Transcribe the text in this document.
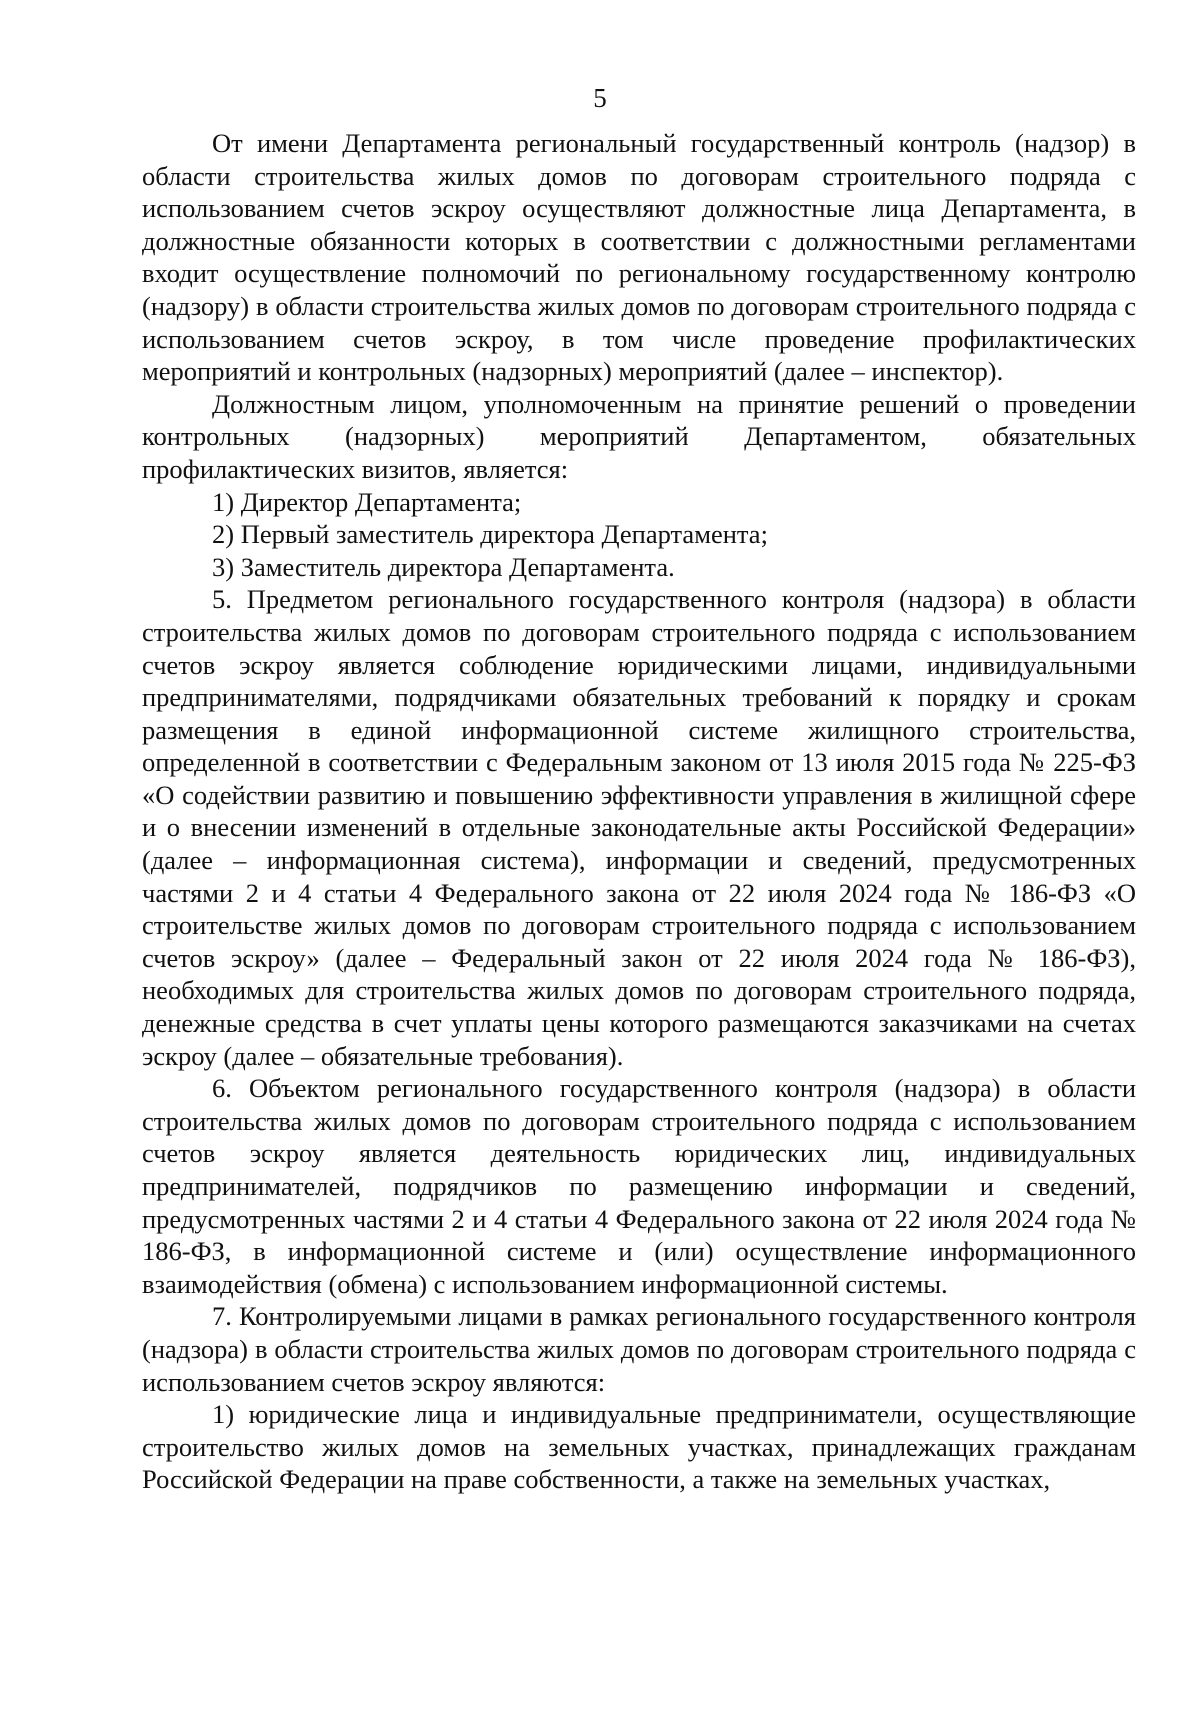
5

От имени Департамента региональный государственный контроль (надзор) в области строительства жилых домов по договорам строительного подряда с использованием счетов эскроу осуществляют должностные лица Департамента, в должностные обязанности которых в соответствии с должностными регламентами входит осуществление полномочий по региональному государственному контролю (надзору) в области строительства жилых домов по договорам строительного подряда с использованием счетов эскроу, в том числе проведение профилактических мероприятий и контрольных (надзорных) мероприятий (далее – инспектор).

Должностным лицом, уполномоченным на принятие решений о проведении контрольных (надзорных) мероприятий Департаментом, обязательных профилактических визитов, является:

1) Директор Департамента;

2) Первый заместитель директора Департамента;

3) Заместитель директора Департамента.

5. Предметом регионального государственного контроля (надзора) в области строительства жилых домов по договорам строительного подряда с использованием счетов эскроу является соблюдение юридическими лицами, индивидуальными предпринимателями, подрядчиками обязательных требований к порядку и срокам размещения в единой информационной системе жилищного строительства, определенной в соответствии с Федеральным законом от 13 июля 2015 года № 225-ФЗ «О содействии развитию и повышению эффективности управления в жилищной сфере и о внесении изменений в отдельные законодательные акты Российской Федерации» (далее – информационная система), информации и сведений, предусмотренных частями 2 и 4 статьи 4 Федерального закона от 22 июля 2024 года № 186-ФЗ «О строительстве жилых домов по договорам строительного подряда с использованием счетов эскроу» (далее – Федеральный закон от 22 июля 2024 года № 186-ФЗ), необходимых для строительства жилых домов по договорам строительного подряда, денежные средства в счет уплаты цены которого размещаются заказчиками на счетах эскроу (далее – обязательные требования).

6. Объектом регионального государственного контроля (надзора) в области строительства жилых домов по договорам строительного подряда с использованием счетов эскроу является деятельность юридических лиц, индивидуальных предпринимателей, подрядчиков по размещению информации и сведений, предусмотренных частями 2 и 4 статьи 4 Федерального закона от 22 июля 2024 года № 186-ФЗ, в информационной системе и (или) осуществление информационного взаимодействия (обмена) с использованием информационной системы.

7. Контролируемыми лицами в рамках регионального государственного контроля (надзора) в области строительства жилых домов по договорам строительного подряда с использованием счетов эскроу являются:

1) юридические лица и индивидуальные предприниматели, осуществляющие строительство жилых домов на земельных участках, принадлежащих гражданам Российской Федерации на праве собственности, а также на земельных участках,
